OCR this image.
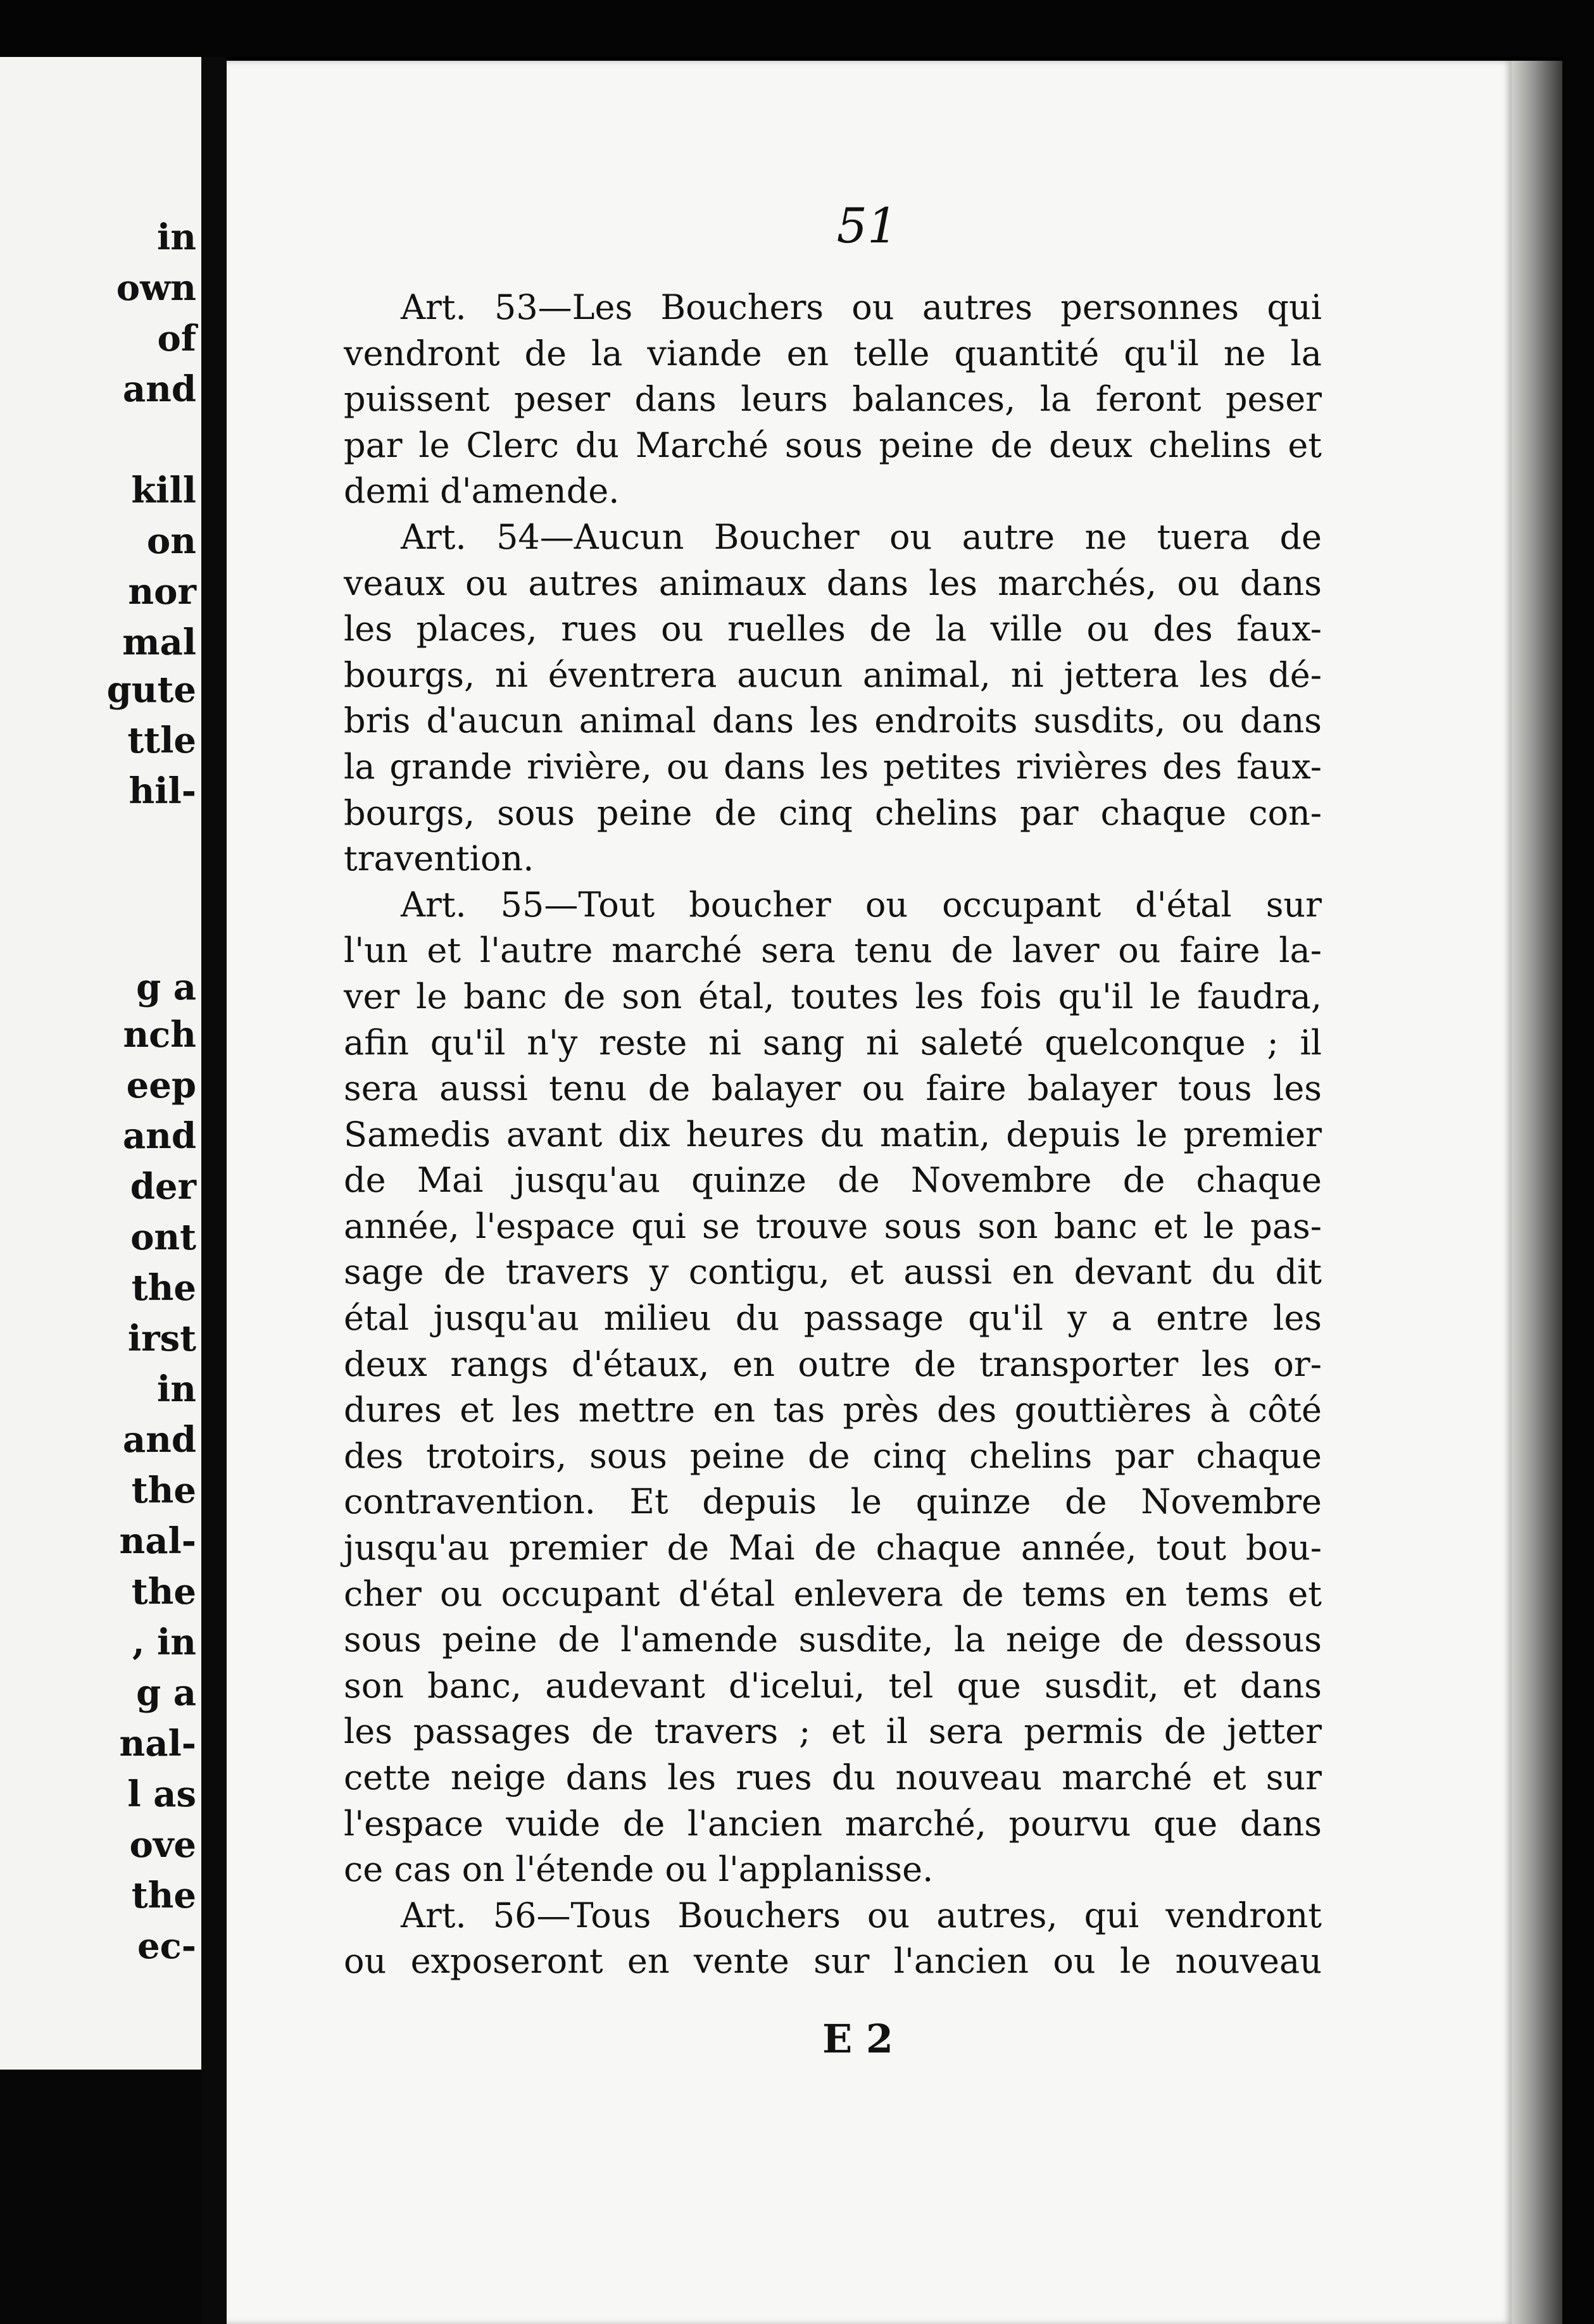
in
own
of
and
kill
on
nor
mal
gute
ttle
hil-
g a
nch
eep
and
der
ont
the
irst
in
and
the
nal-
the
, in
g a
nal-
l as
ove
the
ec-
51
Art. 53—Les Bouchers ou autres personnes qui
vendront de la viande en telle quantité qu'il ne la
puissent peser dans leurs balances, la feront peser
par le Clerc du Marché sous peine de deux chelins et
demi d'amende.
Art. 54—Aucun Boucher ou autre ne tuera de
veaux ou autres animaux dans les marchés, ou dans
les places, rues ou ruelles de la ville ou des faux-
bourgs, ni éventrera aucun animal, ni jettera les dé-
bris d'aucun animal dans les endroits susdits, ou dans
la grande rivière, ou dans les petites rivières des faux-
bourgs, sous peine de cinq chelins par chaque con-
travention.
Art. 55—Tout boucher ou occupant d'étal sur
l'un et l'autre marché sera tenu de laver ou faire la-
ver le banc de son étal, toutes les fois qu'il le faudra,
afin qu'il n'y reste ni sang ni saleté quelconque ; il
sera aussi tenu de balayer ou faire balayer tous les
Samedis avant dix heures du matin, depuis le premier
de Mai jusqu'au quinze de Novembre de chaque
année, l'espace qui se trouve sous son banc et le pas-
sage de travers y contigu, et aussi en devant du dit
étal jusqu'au milieu du passage qu'il y a entre les
deux rangs d'étaux, en outre de transporter les or-
dures et les mettre en tas près des gouttières à côté
des trotoirs, sous peine de cinq chelins par chaque
contravention. Et depuis le quinze de Novembre
jusqu'au premier de Mai de chaque année, tout bou-
cher ou occupant d'étal enlevera de tems en tems et
sous peine de l'amende susdite, la neige de dessous
son banc, audevant d'icelui, tel que susdit, et dans
les passages de travers ; et il sera permis de jetter
cette neige dans les rues du nouveau marché et sur
l'espace vuide de l'ancien marché, pourvu que dans
ce cas on l'étende ou l'applanisse.
Art. 56—Tous Bouchers ou autres, qui vendront
ou exposeront en vente sur l'ancien ou le nouveau
E 2
